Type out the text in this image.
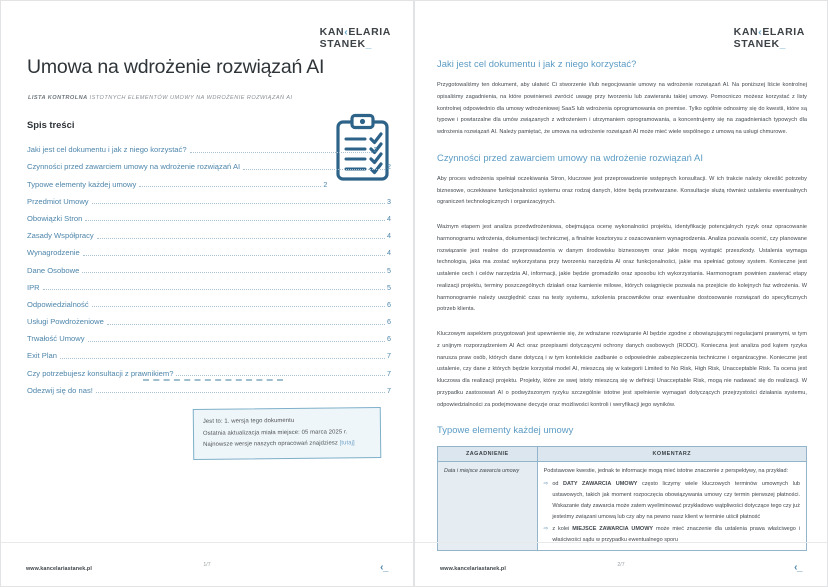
KAN‹ELARIA
STANEK_
Umowa na wdrożenie rozwiązań AI
LISTA KONTROLNA ISTOTNYCH ELEMENTÓW UMOWY NA WDROŻENIE ROZWIĄZAŃ AI
Spis treści
Jaki jest cel dokumentu i jak z niego korzystać?	2
Czynności przed zawarciem umowy na wdrożenie rozwiązań AI	2
Typowe elementy każdej umowy	2
Przedmiot Umowy	3
Obowiązki Stron	4
Zasady Współpracy	4
Wynagrodzenie	4
Dane Osobowe	5
IPR	5
Odpowiedzialność	6
Usługi Powdrożeniowe	6
Trwałość Umowy	6
Exit Plan	7
Czy potrzebujesz konsultacji z prawnikiem?	7
Odezwij się do nas!	7
Jest to: 1. wersja tego dokumentu
Ostatnia aktualizacja miała miejsce: 05 marca 2025 r.
Najnowsze wersje naszych opracowań znajdziesz [tutaj]
www.kancelariastanek.pl
1/7	‹_
KAN‹ELARIA
STANEK_
Jaki jest cel dokumentu i jak z niego korzystać?

Przygotowaliśmy ten dokument, aby ułatwić Ci stworzenie i/lub negocjowanie umowy na wdrożenie rozwiązań AI. Na poniższej liście kontrolnej opisaliśmy zagadnienia, na które powinieneś zwrócić uwagę przy tworzeniu lub zawieraniu takiej umowy. Pomocniczo możesz korzystać z listy kontrolnej odpowiednio dla umowy wdrożeniowej SaaS lub wdrożenia oprogramowania on premise. Tylko ogólnie odnosimy się do kwestii, które są typowe i powtarzalne dla umów związanych z wdrożeniem i utrzymaniem oprogramowania, a koncentrujemy się na zagadnieniach typowych dla wdrożenia rozwiązań AI. Należy pamiętać, że umowa na wdrożenie rozwiązań AI może mieć wiele wspólnego z umową na usługi chmurowe.

Czynności przed zawarciem umowy na wdrożenie rozwiązań AI

Aby proces wdrożenia spełniał oczekiwania Stron, kluczowe jest przeprowadzenie wstępnych konsultacji. W ich trakcie należy określić potrzeby biznesowe, oczekiwane funkcjonalności systemu oraz rodzaj danych, które będą przetwarzane. Konsultacje służą również ustaleniu ewentualnych ograniczeń technologicznych i organizacyjnych.

Ważnym etapem jest analiza przedwdrożeniowa, obejmująca ocenę wykonalności projektu, identyfikację potencjalnych ryzyk oraz opracowanie harmonogramu wdrożenia, dokumentacji technicznej, a finalnie kosztorysu z oszacowaniem wynagrodzenia. Analiza pozwala ocenić, czy planowane rozwiązanie jest realne do przeprowadzenia w danym środowisku biznesowym oraz jakie mogą wystąpić przeszkody. Ustalenia wymaga technologia, jaka ma zostać wykorzystana przy tworzeniu narzędzia AI oraz funkcjonalności, jakie ma spełniać gotowy system. Konieczne jest ustalenie cech i celów narzędzia AI, informacji, jakie będzie gromadziło oraz sposobu ich wykorzystania. Harmonogram powinien zawierać etapy realizacji projektu, terminy poszczególnych działań oraz kamienie milowe, których osiągnięcie pozwala na przejście do kolejnych faz wdrożenia. W harmonogramie należy uwzględnić czas na testy systemu, szkolenia pracowników oraz ewentualne dostosowanie rozwiązań do specyficznych potrzeb klienta.

Kluczowym aspektem przygotowań jest upewnienie się, że wdrażane rozwiązanie AI będzie zgodne z obowiązującymi regulacjami prawnymi, w tym z unijnym rozporządzeniem AI Act oraz przepisami dotyczącymi ochrony danych osobowych (RODO). Konieczna jest analiza pod kątem ryzyka narusza praw osób, których dane dotyczą i w tym kontekście zadbanie o odpowiednie zabezpieczenia techniczne i organizacyjne. Konieczne jest ustalenie, czy dane z których będzie korzystał model AI, mieszczą się w kategorii Limited to No Risk, High Risk, Unacceptable Risk. Ta ocena jest kluczowa dla realizacji projektu. Projekty, które ze swej istoty mieszczą się w definicji Unacceptable Risk, mogą nie nadawać się do realizacji. W przypadku zastosowań AI o podwyższonym ryzyku szczególnie istotne jest spełnienie wymagań dotyczących przejrzystości działania systemu, odpowiedzialności za podejmowane decyzje oraz możliwości kontroli i weryfikacji jego wyników.

Typowe elementy każdej umowy
ZAGADNIENIE	KOMENTARZ
Data i miejsce zawarcia umowy	Podstawowe kwestie, jednak te informacje mogą mieć istotne znaczenie z perspektywy, na przykład:
⇨ od DATY ZAWARCIA UMOWY często liczymy wiele kluczowych terminów umownych lub ustawowych, takich jak moment rozpoczęcia obowiązywania umowy czy termin pierwszej płatności. Wskazanie daty zawarcia może zatem wyeliminować przykładowo wątpliwości dotyczące tego czy już jesteśmy związani umową lub czy aby na pewno nasz klient w terminie uiścił płatność
⇨ z kolei MIEJSCE ZAWARCIA UMOWY może mieć znaczenie dla ustalenia prawa właściwego i właściwości sądu w przypadku ewentualnego sporu
www.kancelariastanek.pl
2/7	‹_
